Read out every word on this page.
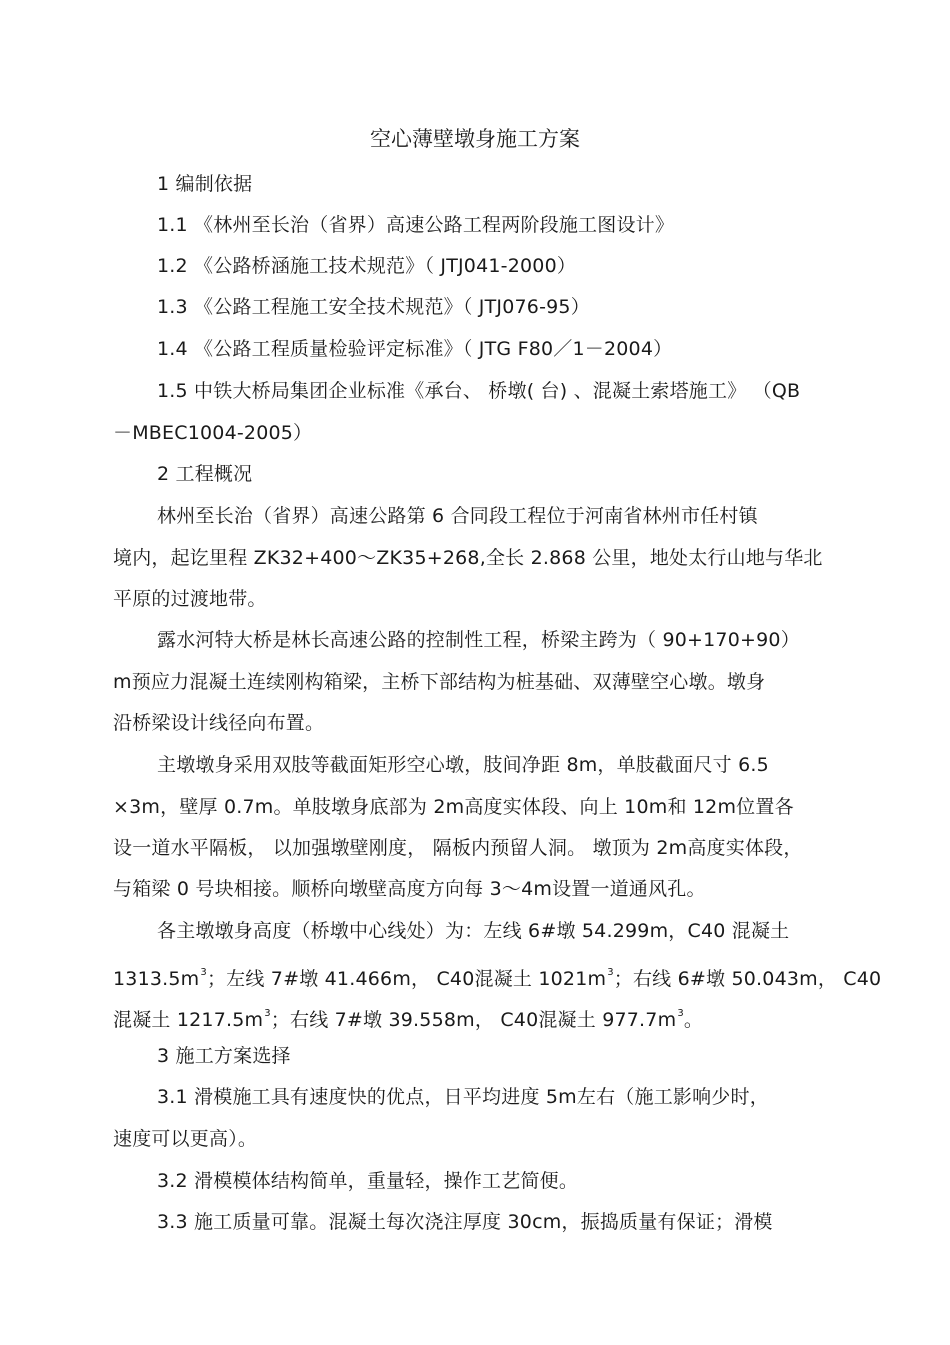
空心薄壁墩身施工方案
1 编制依据
1.1 《林州至长治（省界）高速公路工程两阶段施工图设计》
1.2 《公路桥涵施工技术规范》（ JTJ041-2000）
1.3 《公路工程施工安全技术规范》（ JTJ076-95）
1.4 《公路工程质量检验评定标准》（ JTG F80／1－2004）
1.5 中铁大桥局集团企业标准《承台、 桥墩( 台) 、混凝土索塔施工》 （QB
－MBEC1004-2005）
2 工程概况
林州至长治（省界）高速公路第 6 合同段工程位于河南省林州市任村镇
境内，起讫里程 ZK32+400～ZK35+268,全长 2.868 公里，地处太行山地与华北
平原的过渡地带。
露水河特大桥是林长高速公路的控制性工程，桥梁主跨为（ 90+170+90）
m预应力混凝土连续刚构箱梁，主桥下部结构为桩基础、双薄壁空心墩。墩身
沿桥梁设计线径向布置。
主墩墩身采用双肢等截面矩形空心墩，肢间净距 8m，单肢截面尺寸 6.5
×3m，壁厚 0.7m。单肢墩身底部为 2m高度实体段、向上 10m和 12m位置各
设一道水平隔板， 以加强墩壁刚度， 隔板内预留人洞。 墩顶为 2m高度实体段，
与箱梁 0 号块相接。顺桥向墩壁高度方向每 3～4m设置一道通风孔。
各主墩墩身高度（桥墩中心线处）为：左线 6#墩 54.299m，C40 混凝土
$1313.5m^3$；左线 7#墩 41.466m， C40混凝土 $1021m^3$；右线 6#墩 50.043m， C40
混凝土 $1217.5m^3$；右线 7#墩 39.558m， C40混凝土 $977.7m^3$。
3 施工方案选择
3.1 滑模施工具有速度快的优点，日平均进度 5m左右（施工影响少时，
速度可以更高）。
3.2 滑模模体结构简单，重量轻，操作工艺简便。
3.3 施工质量可靠。混凝土每次浇注厚度 30cm，振捣质量有保证；滑模
